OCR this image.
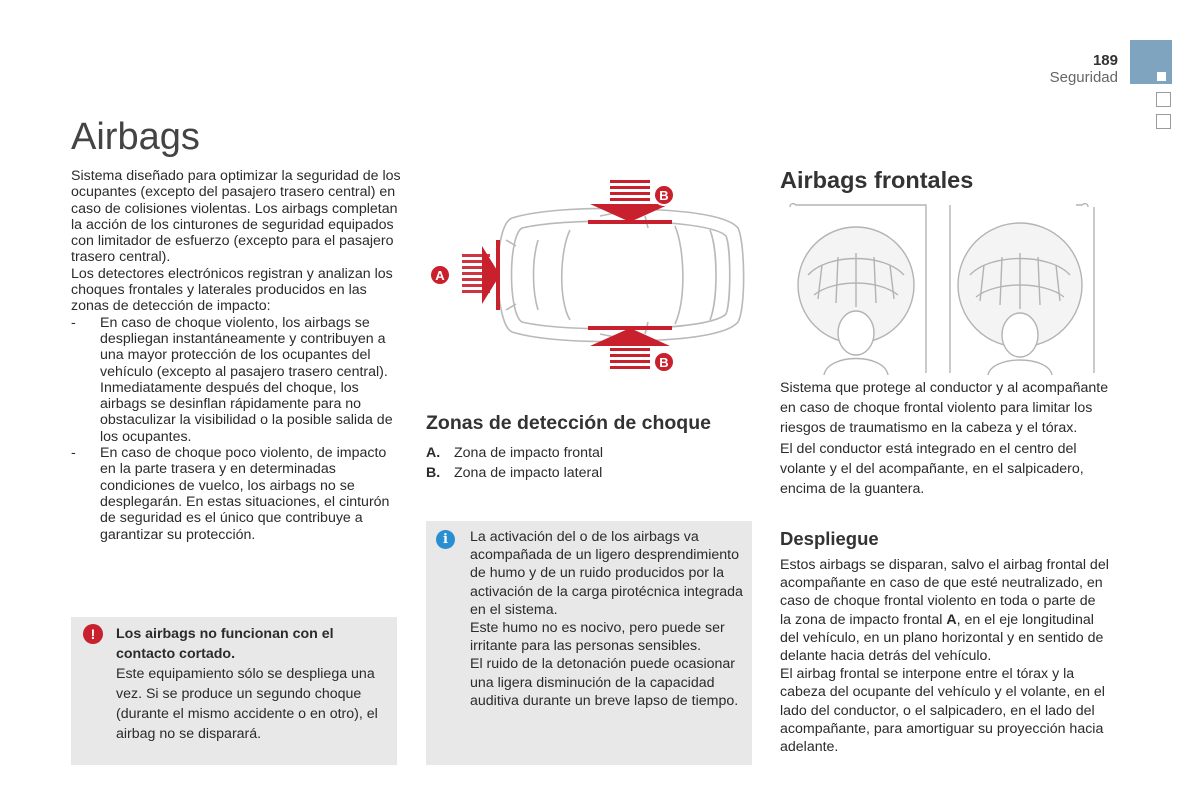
189
Seguridad
Airbags
Sistema diseñado para optimizar la seguridad de los ocupantes (excepto del pasajero trasero central) en caso de colisiones violentas. Los airbags completan la acción de los cinturones de seguridad equipados con limitador de esfuerzo (excepto para el pasajero trasero central).
Los detectores electrónicos registran y analizan los choques frontales y laterales producidos en las zonas de detección de impacto:
- En caso de choque violento, los airbags se despliegan instantáneamente y contribuyen a una mayor protección de los ocupantes del vehículo (excepto al pasajero trasero central). Inmediatamente después del choque, los airbags se desinflan rápidamente para no obstaculizar la visibilidad o la posible salida de los ocupantes.
- En caso de choque poco violento, de impacto en la parte trasera y en determinadas condiciones de vuelco, los airbags no se desplegarán. En estas situaciones, el cinturón de seguridad es el único que contribuye a garantizar su protección.
!	Los airbags no funcionan con el contacto cortado.
Este equipamiento sólo se despliega una vez. Si se produce un segundo choque (durante el mismo accidente o en otro), el airbag no se disparará.
A
B
B
Zonas de detección de choque
A. Zona de impacto frontal
B. Zona de impacto lateral
i	La activación del o de los airbags va acompañada de un ligero desprendimiento de humo y de un ruido producidos por la activación de la carga pirotécnica integrada en el sistema.
Este humo no es nocivo, pero puede ser irritante para las personas sensibles.
El ruido de la detonación puede ocasionar una ligera disminución de la capacidad auditiva durante un breve lapso de tiempo.
Airbags frontales
Sistema que protege al conductor y al acompañante en caso de choque frontal violento para limitar los riesgos de traumatismo en la cabeza y el tórax.
El del conductor está integrado en el centro del volante y el del acompañante, en el salpicadero, encima de la guantera.
Despliegue
Estos airbags se disparan, salvo el airbag frontal del acompañante en caso de que esté neutralizado, en caso de choque frontal violento en toda o parte de la zona de impacto frontal A, en el eje longitudinal del vehículo, en un plano horizontal y en sentido de delante hacia detrás del vehículo.
El airbag frontal se interpone entre el tórax y la cabeza del ocupante del vehículo y el volante, en el lado del conductor, o el salpicadero, en el lado del acompañante, para amortiguar su proyección hacia adelante.
